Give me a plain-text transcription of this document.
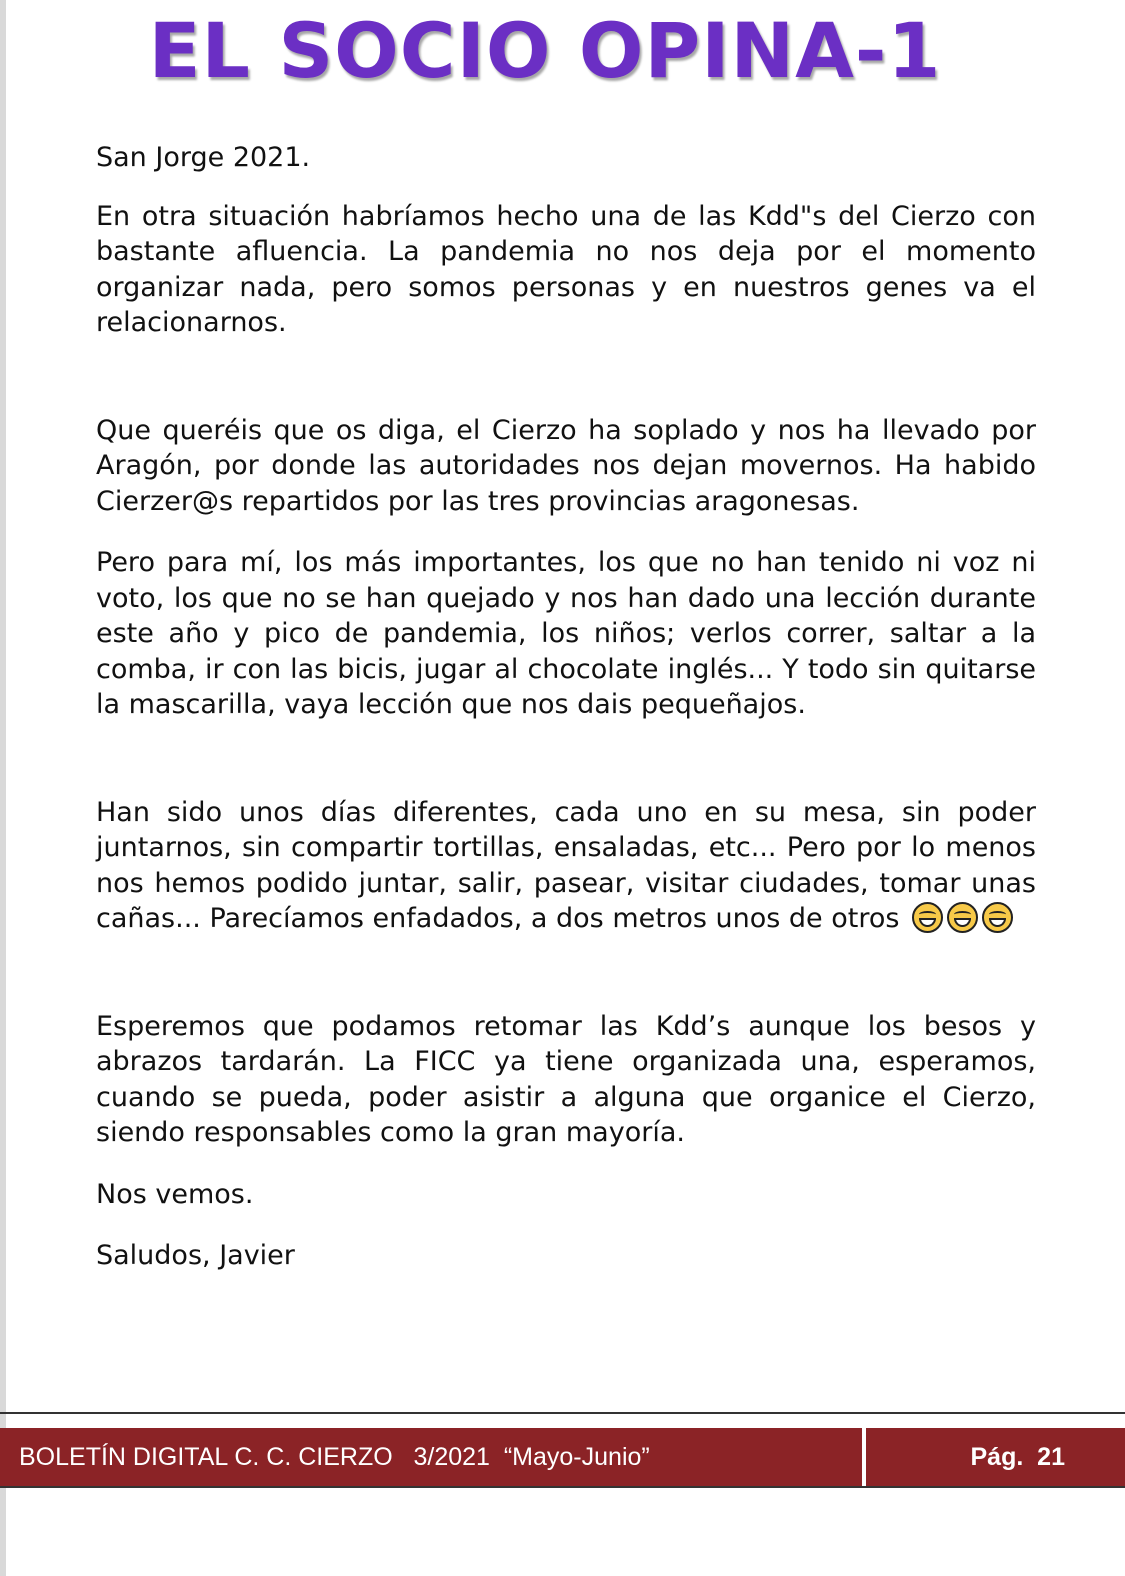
EL SOCIO OPINA-1

San Jorge 2021.

En otra situación habríamos hecho una de las Kdd"s del Cierzo con bastante afluencia. La pandemia no nos deja por el momento organizar nada, pero somos personas y en nuestros genes va el relacionarnos.

Que queréis que os diga, el Cierzo ha soplado y nos ha llevado por Aragón, por donde las autoridades nos dejan movernos. Ha habido Cierzer@s repartidos por las tres provincias aragonesas.

Pero para mí, los más importantes, los que no han tenido ni voz ni voto, los que no se han quejado y nos han dado una lección durante este año y pico de pandemia, los niños; verlos correr, saltar a la comba, ir con las bicis, jugar al chocolate inglés... Y todo sin quitarse la mascarilla, vaya lección que nos dais pequeñajos.

Han sido unos días diferentes, cada uno en su mesa, sin poder juntarnos, sin compartir tortillas, ensaladas, etc... Pero por lo menos nos hemos podido juntar, salir, pasear, visitar ciudades, tomar unas cañas... Parecíamos enfadados, a dos metros unos de otros

Esperemos que podamos retomar las Kdd’s aunque los besos y abrazos tardarán. La FICC ya tiene organizada una, esperamos, cuando se pueda, poder asistir a alguna que organice el Cierzo, siendo responsables como la gran mayoría.

Nos vemos.

Saludos, Javier

BOLETÍN DIGITAL C. C. CIERZO   3/2021  “Mayo-Junio”	Pág.  21
